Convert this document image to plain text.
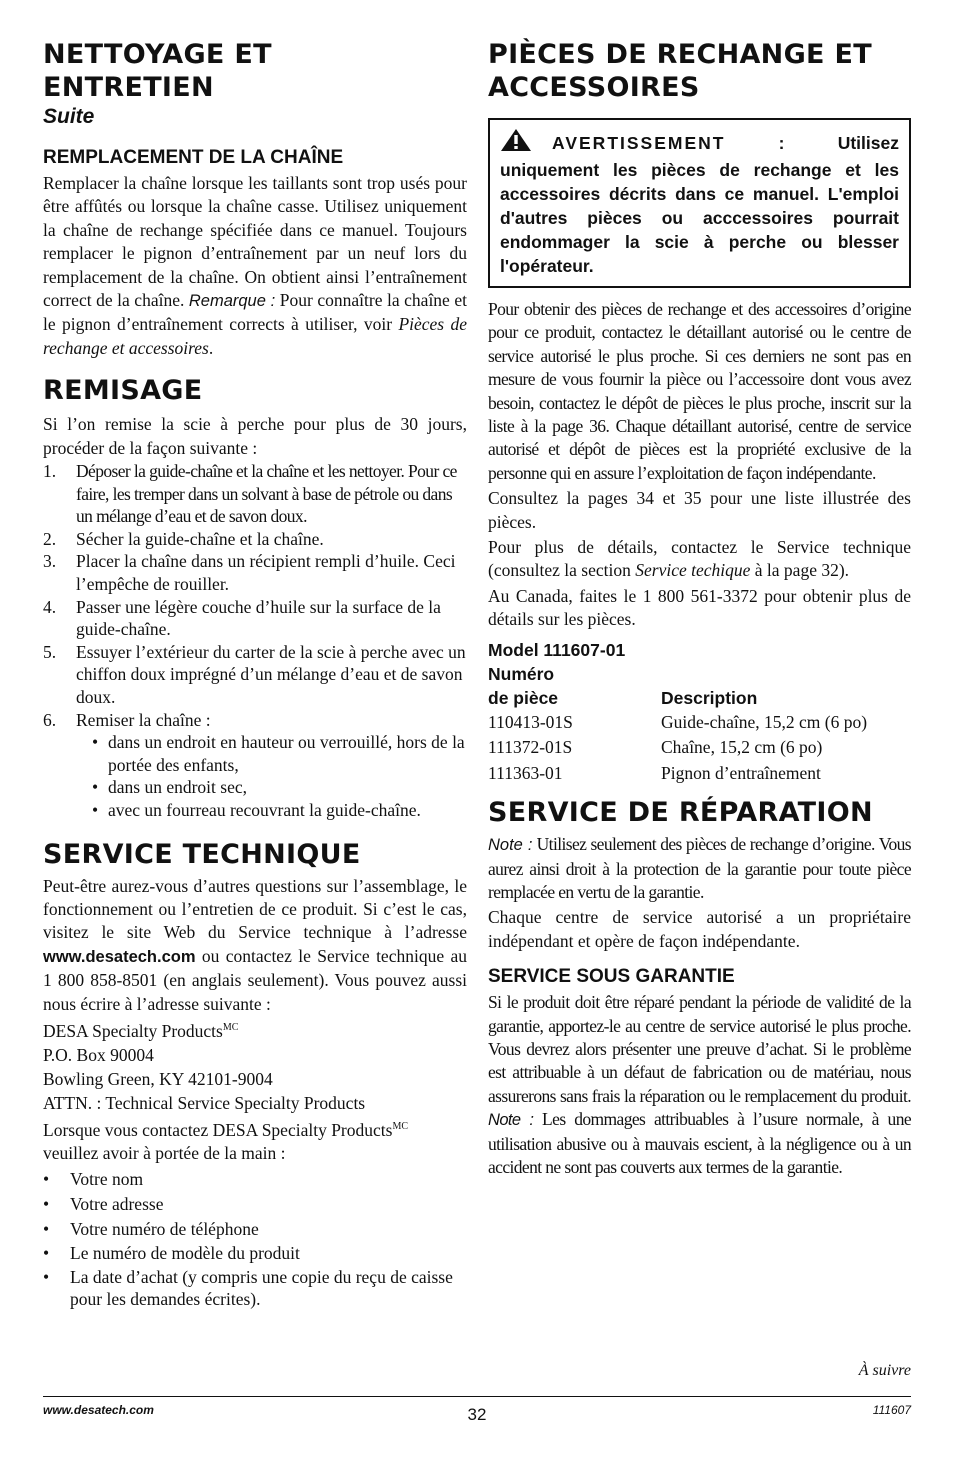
NETTOYAGE ET
ENTRETIEN
Suite
REMPLACEMENT DE LA CHAÎNE

Remplacer la chaîne lorsque les taillants sont trop usés pour être affûtés ou lorsque la chaîne casse. Utilisez uniquement la chaîne de rechange spécifiée dans ce manuel. Toujours remplacer le pignon d’entraînement par un neuf lors du remplacement de la chaîne. On obtient ainsi l’entraînement correct de la chaîne. Remarque : Pour connaître la chaîne et le pignon d’entraînement corrects à utiliser, voir Pièces de rechange et accessoires.

REMISAGE

Si l’on remise la scie à perche pour plus de 30 jours, procéder de la façon suivante :

1. Déposer la guide-chaîne et la chaîne et les nettoyer. Pour ce faire, les tremper dans un solvant à base de pétrole ou dans un mélange d’eau et de savon doux.
2. Sécher la guide-chaîne et la chaîne.
3. Placer la chaîne dans un récipient rempli d’huile. Ceci l’empêche de rouiller.
4. Passer une légère couche d’huile sur la surface de la guide-chaîne.
5. Essuyer l’extérieur du carter de la scie à perche avec un chiffon doux imprégné d’un mélange d’eau et de savon doux.
6. Remiser la chaîne :
• dans un endroit en hauteur ou verrouillé, hors de la portée des enfants,
• dans un endroit sec,
• avec un fourreau recouvrant la guide-chaîne.
SERVICE TECHNIQUE

Peut-être aurez-vous d’autres questions sur l’assemblage, le fonctionnement ou l’entretien de ce produit. Si c’est le cas, visitez le site Web du Service technique à l’adresse www.desatech.com ou contactez le Service technique au 1 800 858-8501 (en anglais seulement). Vous pouvez aussi nous écrire à l’adresse suivante :

DESA Specialty Products$^{MC}$
P.O. Box 90004
Bowling Green, KY 42101-9004
ATTN. : Technical Service Specialty Products

Lorsque vous contactez DESA Specialty Products$^{MC}$
veuillez avoir à portée de la main :

• Votre nom
• Votre adresse
• Votre numéro de téléphone
• Le numéro de modèle du produit
• La date d’achat (y compris une copie du reçu de caisse pour les demandes écrites).
PIÈCES DE RECHANGE ET
ACCESSOIRES
AVERTISSEMENT : Utilisez uniquement les pièces de rechange et les accessoires décrits dans ce manuel. L'emploi d'autres pièces ou acccessoires pourrait endommager la scie à perche ou blesser l'opérateur.

Pour obtenir des pièces de rechange et des accessoires d’origine pour ce produit, contactez le détaillant autorisé ou le centre de service autorisé le plus proche. Si ces derniers ne sont pas en mesure de vous fournir la pièce ou l’accessoire dont vous avez besoin, contactez le dépôt de pièces le plus proche, inscrit sur la liste à la page 36. Chaque détaillant autorisé, centre de service autorisé et dépôt de pièces est la propriété exclusive de la personne qui en assure l’exploitation de façon indépendante.

Consultez la pages 34 et 35 pour une liste illustrée des pièces.

Pour plus de détails, contactez le Service technique (consultez la section Service techique à la page 32).

Au Canada, faites le 1 800 561-3372 pour obtenir plus de détails sur les pièces.

Model 111607-01
Numéro
de pièce	Description
110413-01S	Guide-chaîne, 15,2 cm (6 po)
111372-01S	Chaîne, 15,2 cm (6 po)
111363-01	Pignon d’entraînement
SERVICE DE RÉPARATION

Note : Utilisez seulement des pièces de rechange d’origine. Vous aurez ainsi droit à la protection de la garantie pour toute pièce remplacée en vertu de la garantie.

Chaque centre de service autorisé a un propriétaire indépendant et opère de façon indépendante.

SERVICE SOUS GARANTIE

Si le produit doit être réparé pendant la période de validité de la garantie, apportez-le au centre de service autorisé le plus proche. Vous devrez alors présenter une preuve d’achat. Si le problème est attribuable à un défaut de fabrication ou de matériau, nous assurerons sans frais la réparation ou le remplacement du produit. Note : Les dommages attribuables à l’usure normale, à une utilisation abusive ou à mauvais escient, à la négligence ou à un accident ne sont pas couverts aux termes de la garantie.

À suivre
www.desatech.com	32	111607
